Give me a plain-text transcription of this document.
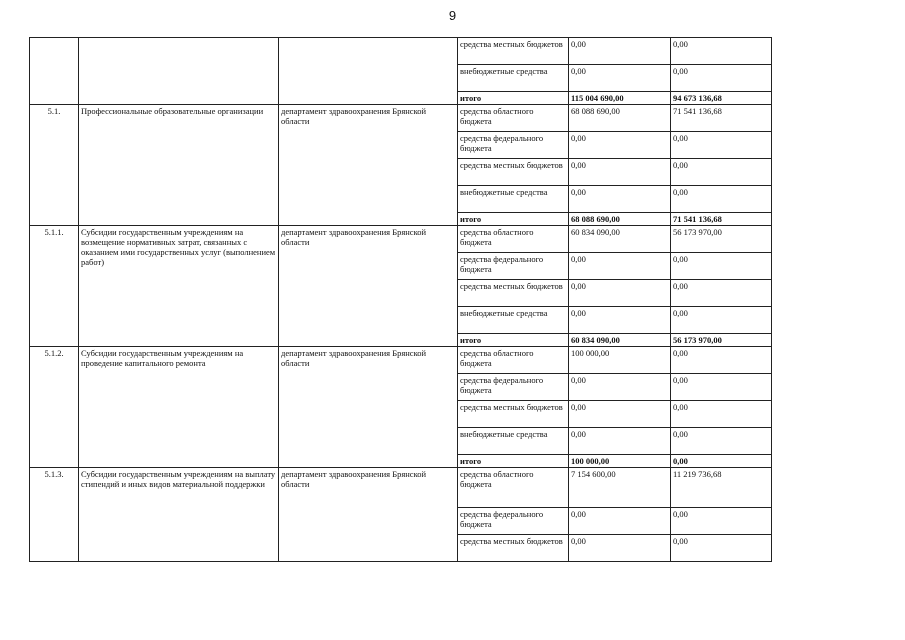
9
			средства местных бюджетов	0,00	0,00
			внебюджетные средства	0,00	0,00
			итого	115 004 690,00	94 673 136,68
5.1.	Профессиональные образовательные организации	департамент здравоохранения Брянской области	средства областного бюджета	68 088 690,00	71 541 136,68
			средства федерального бюджета	0,00	0,00
			средства местных бюджетов	0,00	0,00
			внебюджетные средства	0,00	0,00
			итого	68 088 690,00	71 541 136,68
5.1.1.	Субсидии государственным учреждениям на возмещение нормативных затрат, связанных с оказанием ими государственных услуг (выполнением работ)	департамент здравоохранения Брянской области	средства областного бюджета	60 834 090,00	56 173 970,00
			средства федерального бюджета	0,00	0,00
			средства местных бюджетов	0,00	0,00
			внебюджетные средства	0,00	0,00
			итого	60 834 090,00	56 173 970,00
5.1.2.	Субсидии государственным учреждениям на проведение капитального ремонта	департамент здравоохранения Брянской области	средства областного бюджета	100 000,00	0,00
			средства федерального бюджета	0,00	0,00
			средства местных бюджетов	0,00	0,00
			внебюджетные средства	0,00	0,00
			итого	100 000,00	0,00
5.1.3.	Субсидии государственным учреждениям на выплату стипендий и иных видов материальной поддержки	департамент здравоохранения Брянской области	средства областного бюджета	7 154 600,00	11 219 736,68
			средства федерального бюджета	0,00	0,00
			средства местных бюджетов	0,00	0,00
